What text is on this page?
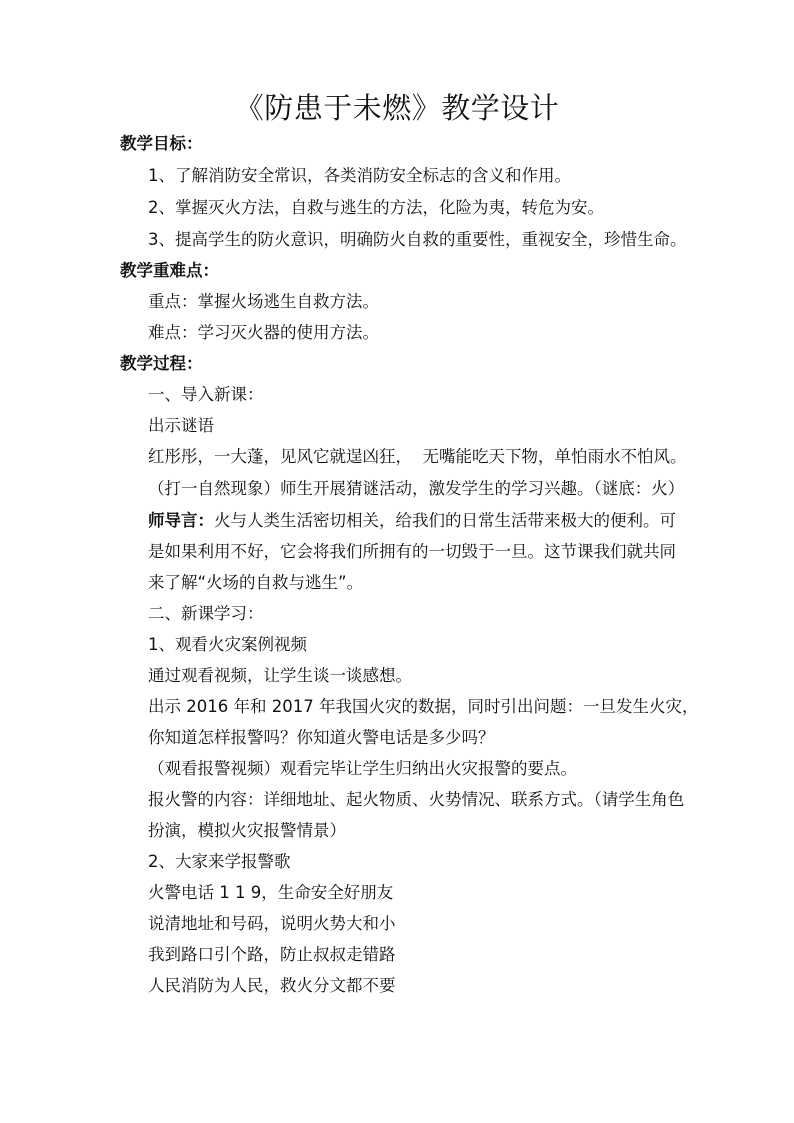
《防患于未燃》教学设计
教学目标：
1、了解消防安全常识，各类消防安全标志的含义和作用。
2、掌握灭火方法，自救与逃生的方法，化险为夷，转危为安。
3、提高学生的防火意识，明确防火自救的重要性，重视安全，珍惜生命。
教学重难点：
重点：掌握火场逃生自救方法。
难点：学习灭火器的使用方法。
教学过程：
一、导入新课：
出示谜语
红彤彤，一大蓬，见风它就逞凶狂，  无嘴能吃天下物，单怕雨水不怕风。
（打一自然现象）师生开展猜谜活动，激发学生的学习兴趣。（谜底：火）
师导言：火与人类生活密切相关，给我们的日常生活带来极大的便利。可
是如果利用不好，它会将我们所拥有的一切毁于一旦。这节课我们就共同
来了解“火场的自救与逃生”。
二、新课学习：
1、观看火灾案例视频
通过观看视频，让学生谈一谈感想。
出示 2016 年和 2017 年我国火灾的数据，同时引出问题：一旦发生火灾，
你知道怎样报警吗？你知道火警电话是多少吗？
（观看报警视频）观看完毕让学生归纳出火灾报警的要点。
报火警的内容：详细地址、起火物质、火势情况、联系方式。（请学生角色
扮演，模拟火灾报警情景）
2、大家来学报警歌
火警电话 1 1 9，生命安全好朋友
说清地址和号码，说明火势大和小
我到路口引个路，防止叔叔走错路
人民消防为人民，救火分文都不要
